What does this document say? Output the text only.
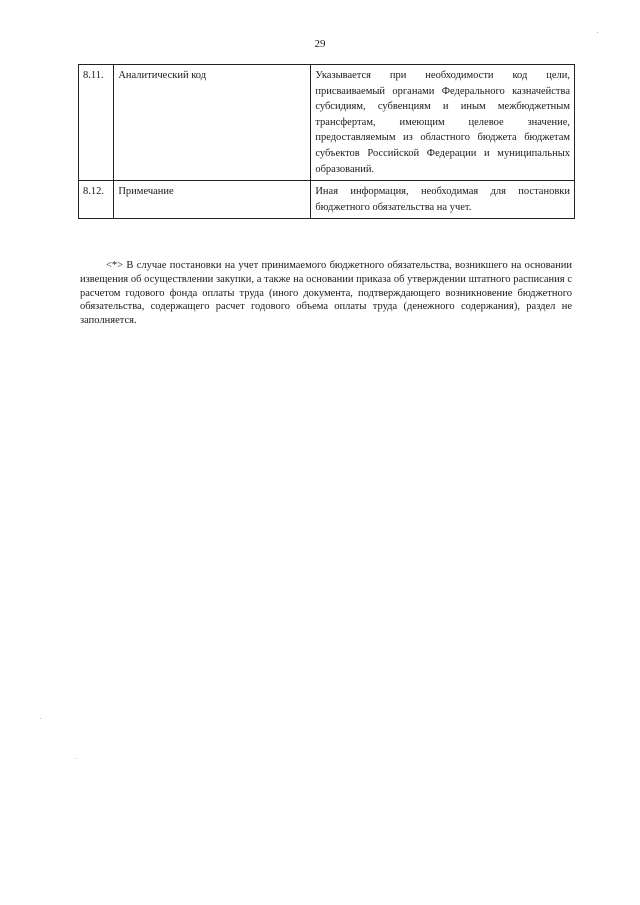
29
8.11.	Аналитический код	Указывается при необходимости код цели, присваиваемый органами Федерального казначейства субсидиям, субвенциям и иным межбюджетным трансфертам, имеющим целевое значение, предоставляемым из областного бюджета бюджетам субъектов Российской Федерации и муниципальных образований.
8.12.	Примечание	Иная информация, необходимая для постановки бюджетного обязательства на учет.

<*> В случае постановки на учет принимаемого бюджетного обязательства, возникшего на основании извещения об осуществлении закупки, а также на основании приказа об утверждении штатного расписания с расчетом годового фонда оплаты труда (иного документа, подтверждающего возникновение бюджетного обязательства, содержащего расчет годового объема оплаты труда (денежного содержания), раздел не заполняется.
